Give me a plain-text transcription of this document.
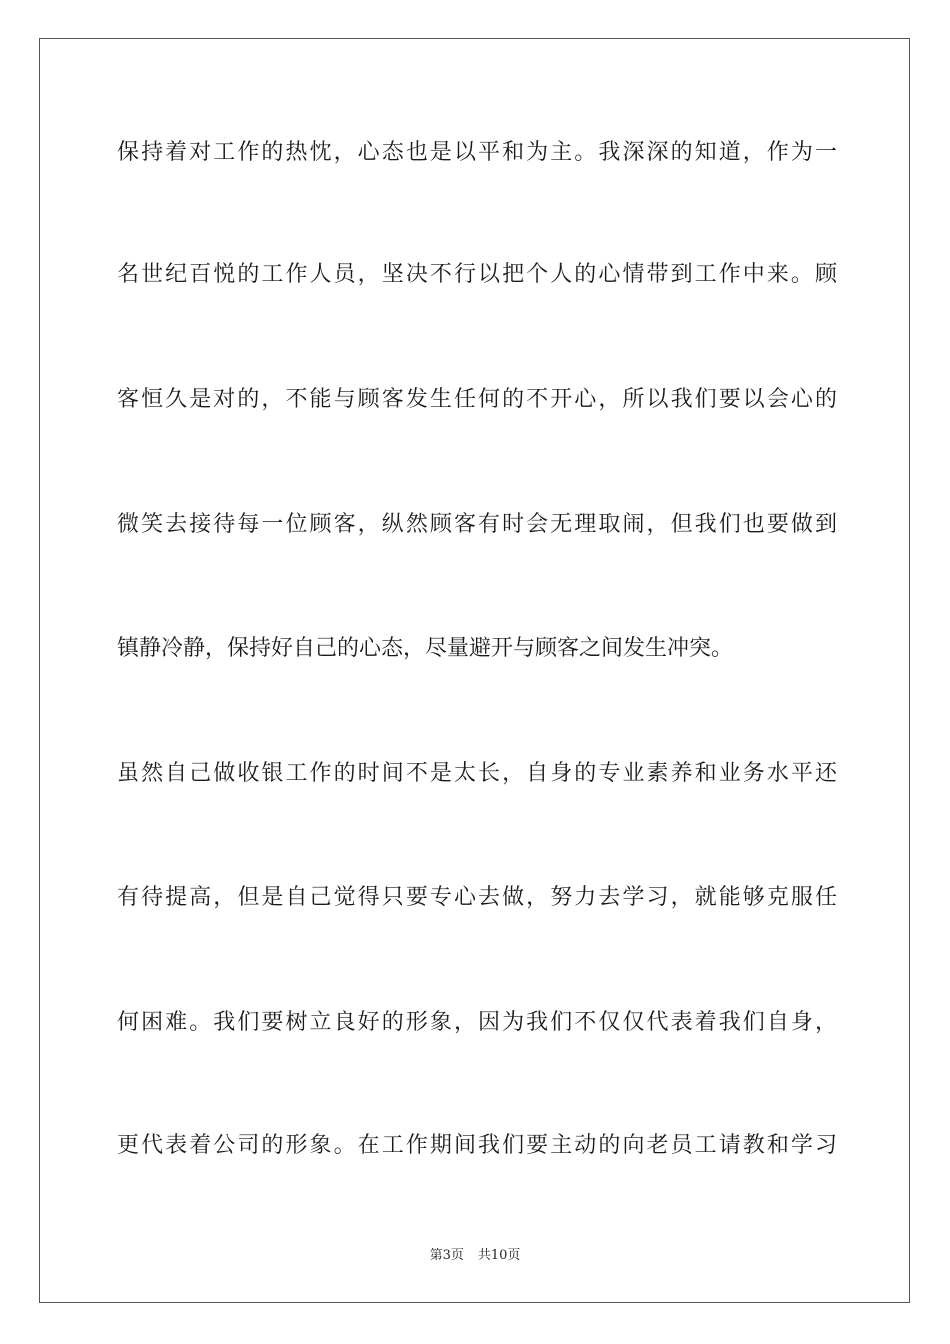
保持着对工作的热忱，心态也是以平和为主。我深深的知道，作为一
名世纪百悦的工作人员，坚决不行以把个人的心情带到工作中来。顾
客恒久是对的，不能与顾客发生任何的不开心，所以我们要以会心的
微笑去接待每一位顾客，纵然顾客有时会无理取闹，但我们也要做到
镇静冷静，保持好自己的心态，尽量避开与顾客之间发生冲突。
虽然自己做收银工作的时间不是太长，自身的专业素养和业务水平还
有待提高，但是自己觉得只要专心去做，努力去学习，就能够克服任
何困难。我们要树立良好的形象，因为我们不仅仅代表着我们自身，
更代表着公司的形象。在工作期间我们要主动的向老员工请教和学习
第3页 共10页
